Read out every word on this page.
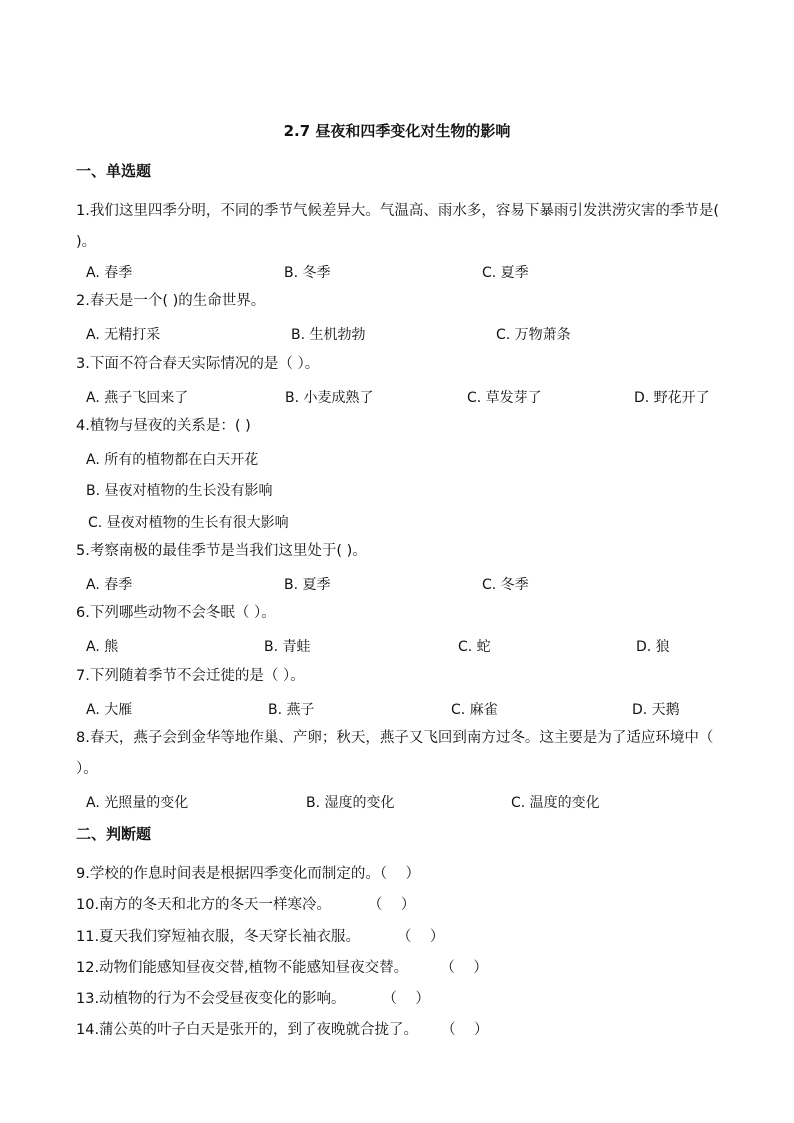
2.7 昼夜和四季变化对生物的影响
一、单选题
1.我们这里四季分明，不同的季节气候差异大。气温高、雨水多，容易下暴雨引发洪涝灾害的季节是( )。
A. 春季	B. 冬季	C. 夏季
2.春天是一个( )的生命世界。
A. 无精打采	B. 生机勃勃	C. 万物萧条
3.下面不符合春天实际情况的是（ ）。
A. 燕子飞回来了	B. 小麦成熟了	C. 草发芽了	D. 野花开了
4.植物与昼夜的关系是：( )
A. 所有的植物都在白天开花
B. 昼夜对植物的生长没有影响
C. 昼夜对植物的生长有很大影响
5.考察南极的最佳季节是当我们这里处于( )。
A. 春季	B. 夏季	C. 冬季
6.下列哪些动物不会冬眠（ ）。
A. 熊	B. 青蛙	C. 蛇	D. 狼
7.下列随着季节不会迁徙的是（ ）。
A. 大雁	B. 燕子	C. 麻雀	D. 天鹅
8.春天，燕子会到金华等地作巢、产卵；秋天，燕子又飞回到南方过冬。这主要是为了适应环境中（ ）。
A. 光照量的变化	B. 湿度的变化	C. 温度的变化
二、判断题
9.学校的作息时间表是根据四季变化而制定的。（    ）
10.南方的冬天和北方的冬天一样寒冷。        （    ）
11.夏天我们穿短袖衣服，冬天穿长袖衣服。        （    ）
12.动物们能感知昼夜交替,植物不能感知昼夜交替。       （    ）
13.动植物的行为不会受昼夜变化的影响。        （    ）
14.蒲公英的叶子白天是张开的，到了夜晚就合拢了。     （    ）
